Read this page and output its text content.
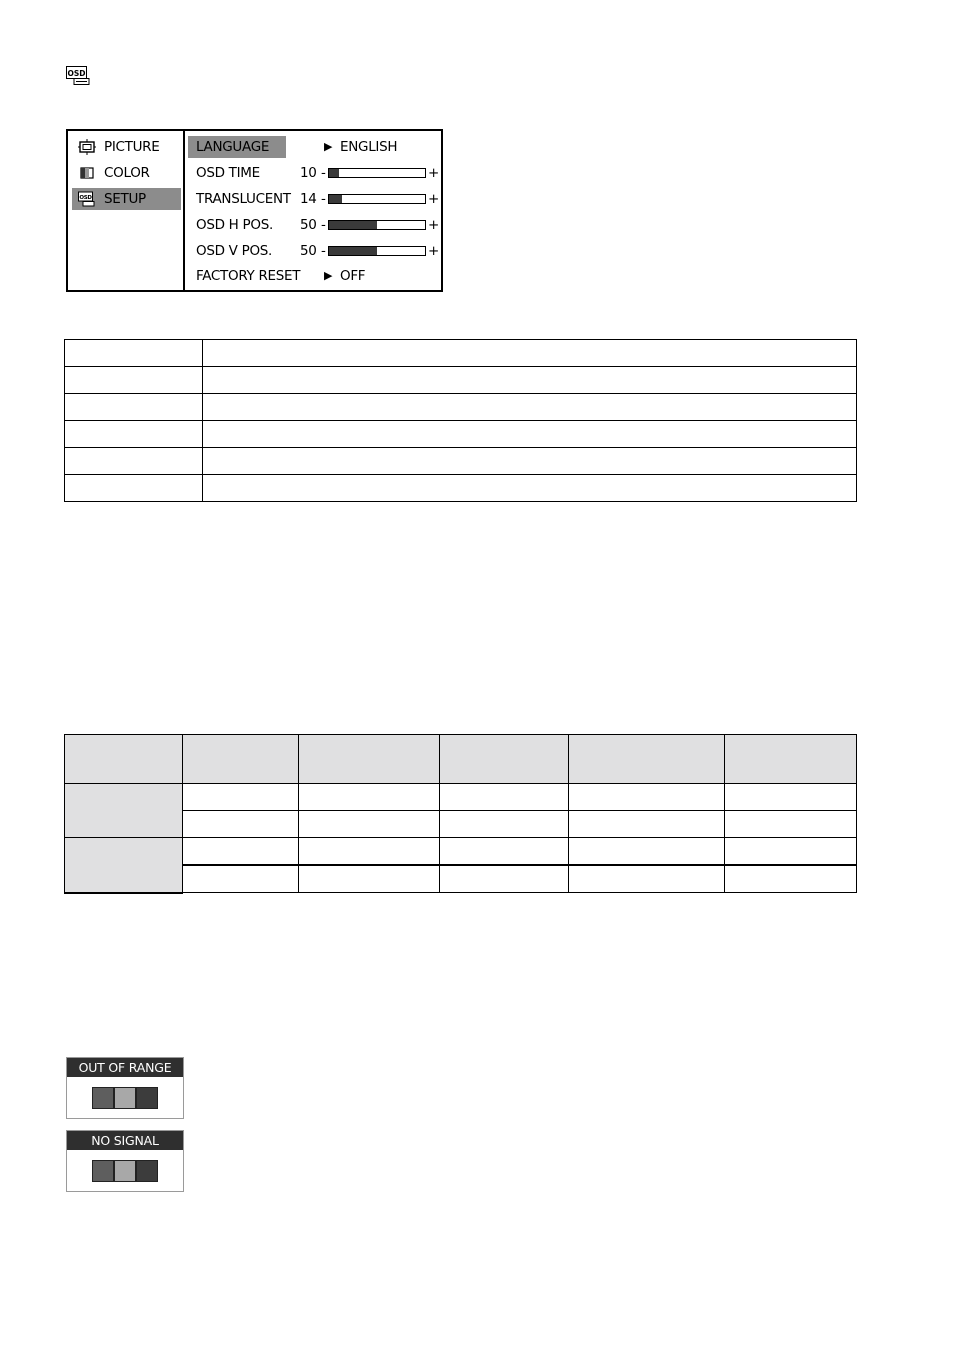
OSD
PICTURE
COLOR
OSD SETUP
LANGUAGE	▶ ENGLISH
OSD TIME	10 -	+
TRANSLUCENT 14 -	+
OSD H POS. 50 -	+
OSD V POS. 50 -	+
FACTORY RESET ▶ OFF

OUT OF RANGE
NO SIGNAL
